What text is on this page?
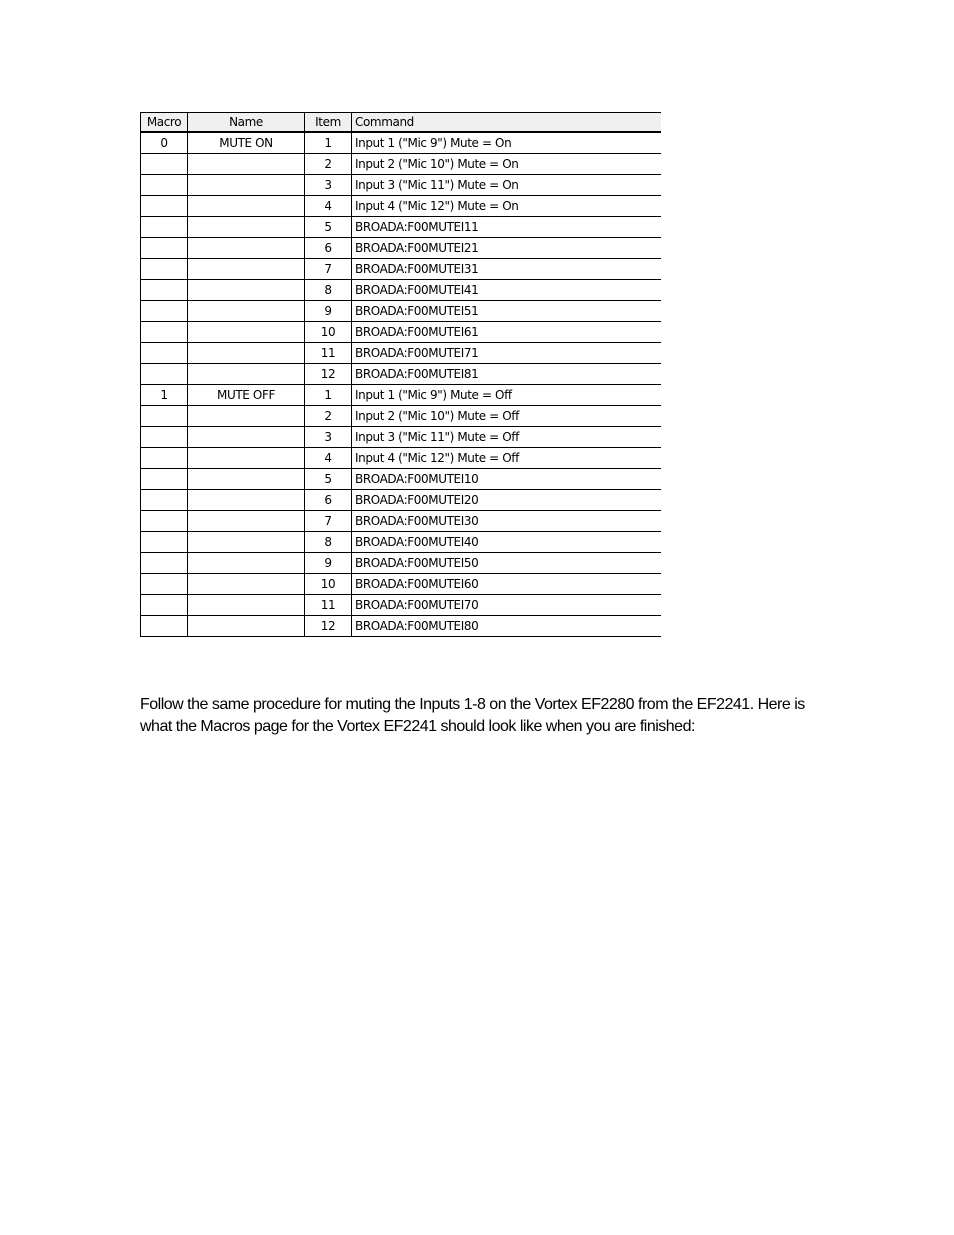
Macro	Name	Item	Command
0	MUTE ON	1	Input 1 ("Mic 9") Mute = On
		2	Input 2 ("Mic 10") Mute = On
		3	Input 3 ("Mic 11") Mute = On
		4	Input 4 ("Mic 12") Mute = On
		5	BROADA:F00MUTEI11
		6	BROADA:F00MUTEI21
		7	BROADA:F00MUTEI31
		8	BROADA:F00MUTEI41
		9	BROADA:F00MUTEI51
		10	BROADA:F00MUTEI61
		11	BROADA:F00MUTEI71
		12	BROADA:F00MUTEI81
1	MUTE OFF	1	Input 1 ("Mic 9") Mute = Off
		2	Input 2 ("Mic 10") Mute = Off
		3	Input 3 ("Mic 11") Mute = Off
		4	Input 4 ("Mic 12") Mute = Off
		5	BROADA:F00MUTEI10
		6	BROADA:F00MUTEI20
		7	BROADA:F00MUTEI30
		8	BROADA:F00MUTEI40
		9	BROADA:F00MUTEI50
		10	BROADA:F00MUTEI60
		11	BROADA:F00MUTEI70
		12	BROADA:F00MUTEI80

Follow the same procedure for muting the Inputs 1-8 on the Vortex EF2280 from the EF2241. Here is what the Macros page for the Vortex EF2241 should look like when you are finished:
